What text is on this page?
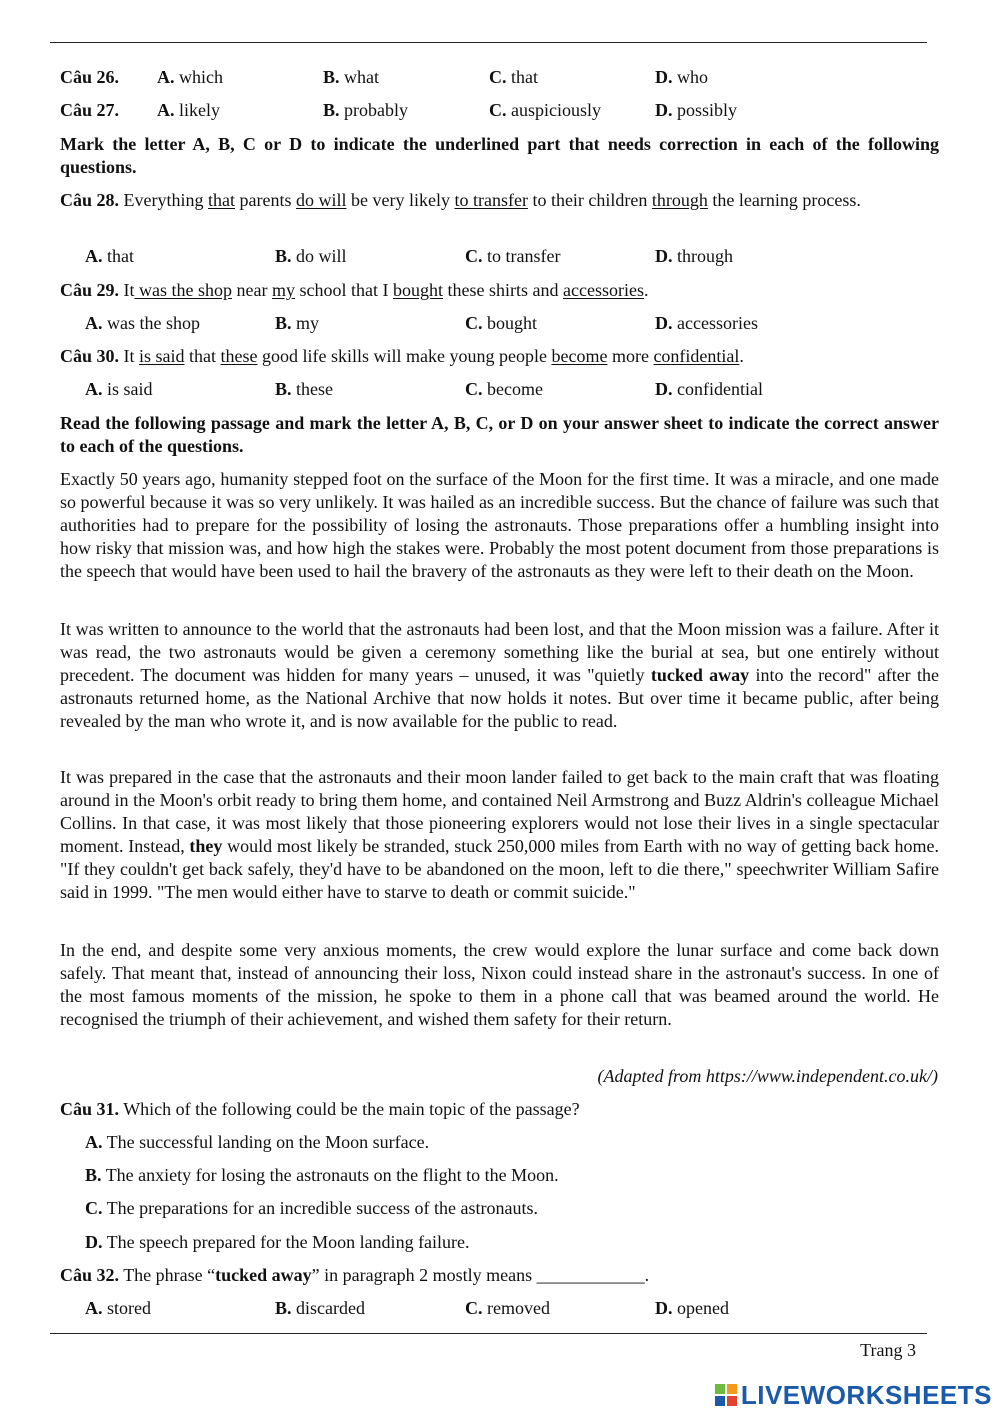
Câu 26. A. which	B. what	C. that	D. who
Câu 27. A. likely	B. probably	C. auspiciously	D. possibly

Mark the letter A, B, C or D to indicate the underlined part that needs correction in each of the following questions.

Câu 28. Everything that parents do will be very likely to transfer to their children through the learning process.

A. that	B. do will	C. to transfer	D. through

Câu 29. It was the shop near my school that I bought these shirts and accessories.

A. was the shop	B. my	C. bought	D. accessories

Câu 30. It is said that these good life skills will make young people become more confidential.

A. is said	B. these	C. become	D. confidential

Read the following passage and mark the letter A, B, C, or D on your answer sheet to indicate the correct answer to each of the questions.

Exactly 50 years ago, humanity stepped foot on the surface of the Moon for the first time. It was a miracle, and one made so powerful because it was so very unlikely. It was hailed as an incredible success. But the chance of failure was such that authorities had to prepare for the possibility of losing the astronauts. Those preparations offer a humbling insight into how risky that mission was, and how high the stakes were. Probably the most potent document from those preparations is the speech that would have been used to hail the bravery of the astronauts as they were left to their death on the Moon.

It was written to announce to the world that the astronauts had been lost, and that the Moon mission was a failure. After it was read, the two astronauts would be given a ceremony something like the burial at sea, but one entirely without precedent. The document was hidden for many years – unused, it was "quietly tucked away into the record" after the astronauts returned home, as the National Archive that now holds it notes. But over time it became public, after being revealed by the man who wrote it, and is now available for the public to read.

It was prepared in the case that the astronauts and their moon lander failed to get back to the main craft that was floating around in the Moon's orbit ready to bring them home, and contained Neil Armstrong and Buzz Aldrin's colleague Michael Collins. In that case, it was most likely that those pioneering explorers would not lose their lives in a single spectacular moment. Instead, they would most likely be stranded, stuck 250,000 miles from Earth with no way of getting back home. "If they couldn't get back safely, they'd have to be abandoned on the moon, left to die there," speechwriter William Safire said in 1999. "The men would either have to starve to death or commit suicide."

In the end, and despite some very anxious moments, the crew would explore the lunar surface and come back down safely. That meant that, instead of announcing their loss, Nixon could instead share in the astronaut's success. In one of the most famous moments of the mission, he spoke to them in a phone call that was beamed around the world. He recognised the triumph of their achievement, and wished them safety for their return.

(Adapted from https://www.independent.co.uk/)
Câu 31. Which of the following could be the main topic of the passage?
A. The successful landing on the Moon surface.
B. The anxiety for losing the astronauts on the flight to the Moon.
C. The preparations for an incredible success of the astronauts.
D. The speech prepared for the Moon landing failure.
Câu 32. The phrase “tucked away” in paragraph 2 mostly means ____________.
A. stored	B. discarded	C. removed	D. opened
Trang 3
LIVEWORKSHEETS
